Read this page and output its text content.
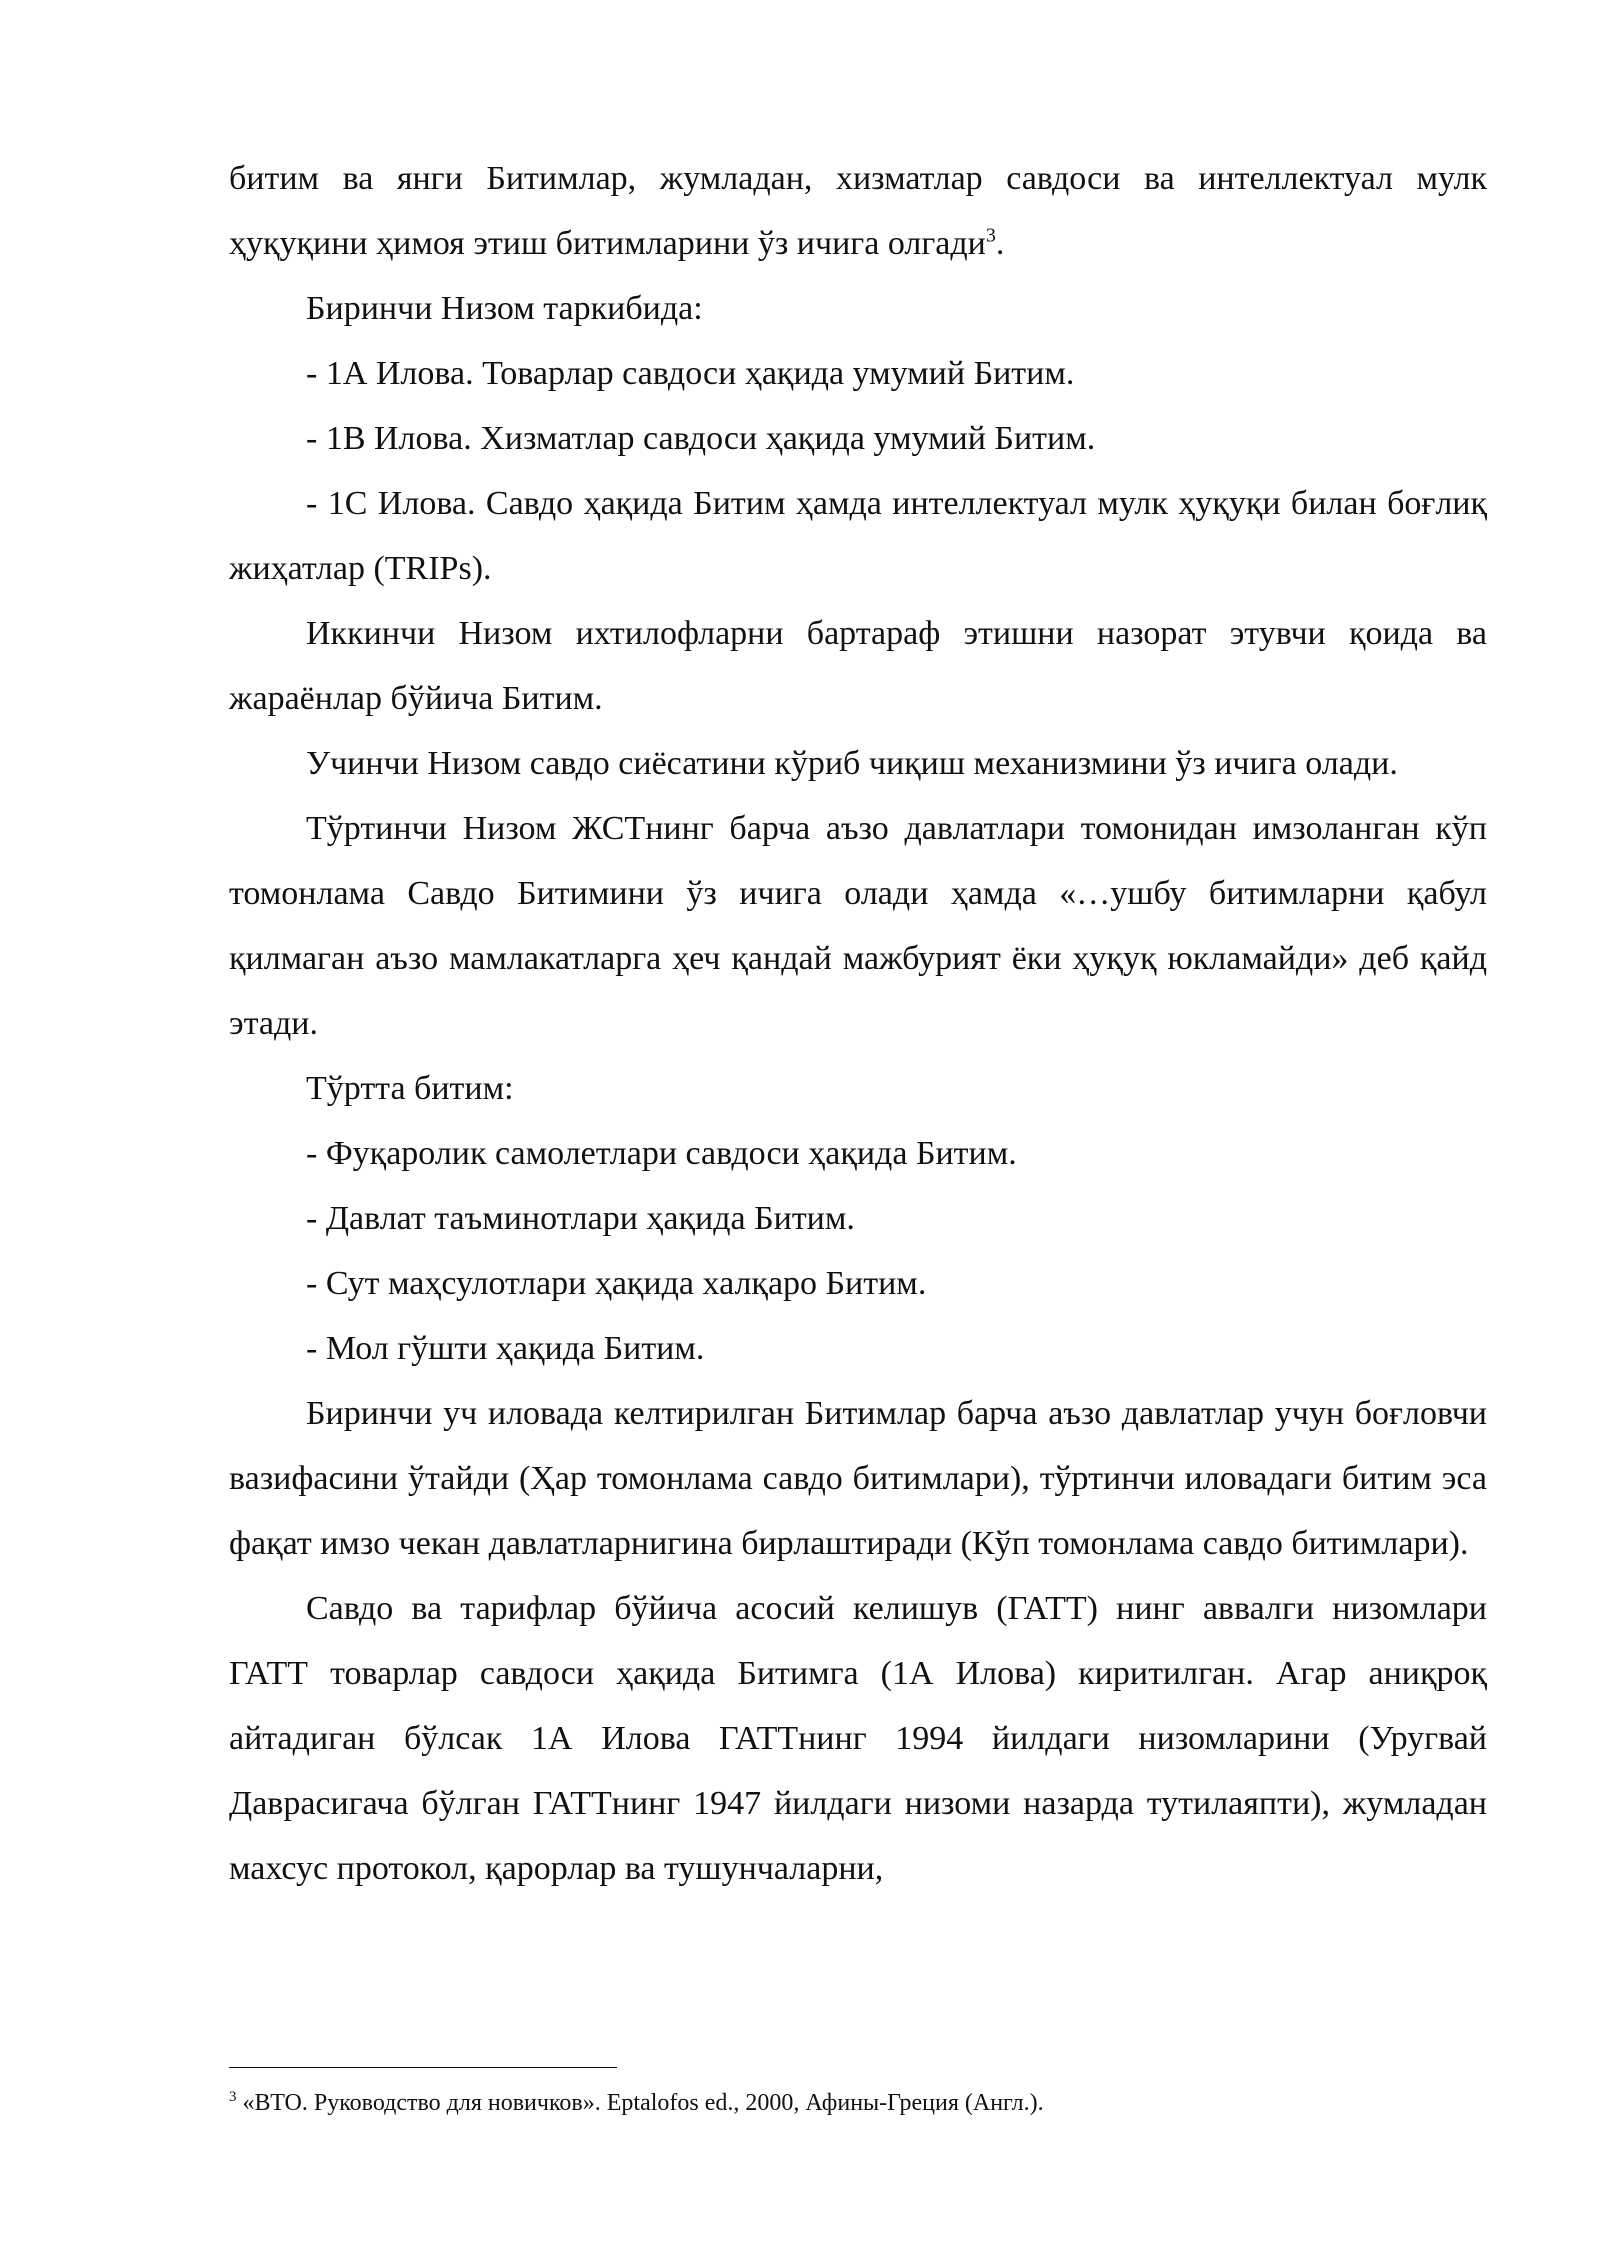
битим ва янги Битимлар, жумладан, хизматлар савдоси ва интеллектуал мулк ҳуқуқини ҳимоя этиш битимларини ўз ичига олгади$^3$.

Биринчи Низом таркибида:

- 1А Илова. Товарлар савдоси ҳақида умумий Битим.

- 1В Илова. Хизматлар савдоси ҳақида умумий Битим.

- 1С Илова. Савдо ҳақида Битим ҳамда интеллектуал мулк ҳуқуқи билан боғлиқ жиҳатлар (TRIPs).

Иккинчи Низом ихтилофларни бартараф этишни назорат этувчи қоида ва жараёнлар бўйича Битим.

Учинчи Низом савдо сиёсатини кўриб чиқиш механизмини ўз ичига олади.

Тўртинчи Низом ЖСТнинг барча аъзо давлатлари томонидан имзоланган кўп томонлама Савдо Битимини ўз ичига олади ҳамда «…ушбу битимларни қабул қилмаган аъзо мамлакатларга ҳеч қандай мажбурият ёки ҳуқуқ юкламайди» деб қайд этади.

Тўртта битим:

- Фуқаролик самолетлари савдоси ҳақида Битим.

- Давлат таъминотлари ҳақида Битим.

- Сут маҳсулотлари ҳақида халқаро Битим.

- Мол гўшти ҳақида Битим.

Биринчи уч иловада келтирилган Битимлар барча аъзо давлатлар учун боғловчи вазифасини ўтайди (Ҳар томонлама савдо битимлари), тўртинчи иловадаги битим эса фақат имзо чекан давлатларнигина бирлаштиради (Кўп томонлама савдо битимлари).

Савдо ва тарифлар бўйича асосий келишув (ГАТТ) нинг аввалги низомлари ГАТТ товарлар савдоси ҳақида Битимга (1А Илова) киритилган. Агар аниқроқ айтадиган бўлсак 1А Илова ГАТТнинг 1994 йилдаги низомларини (Уругвай Даврасигача бўлган ГАТТнинг 1947 йилдаги низоми назарда тутилаяпти), жумладан махсус протокол, қарорлар ва тушунчаларни,

$^3$ «ВТО. Руководство для новичков». Eptalofos ed., 2000, Афины-Греция (Англ.).
